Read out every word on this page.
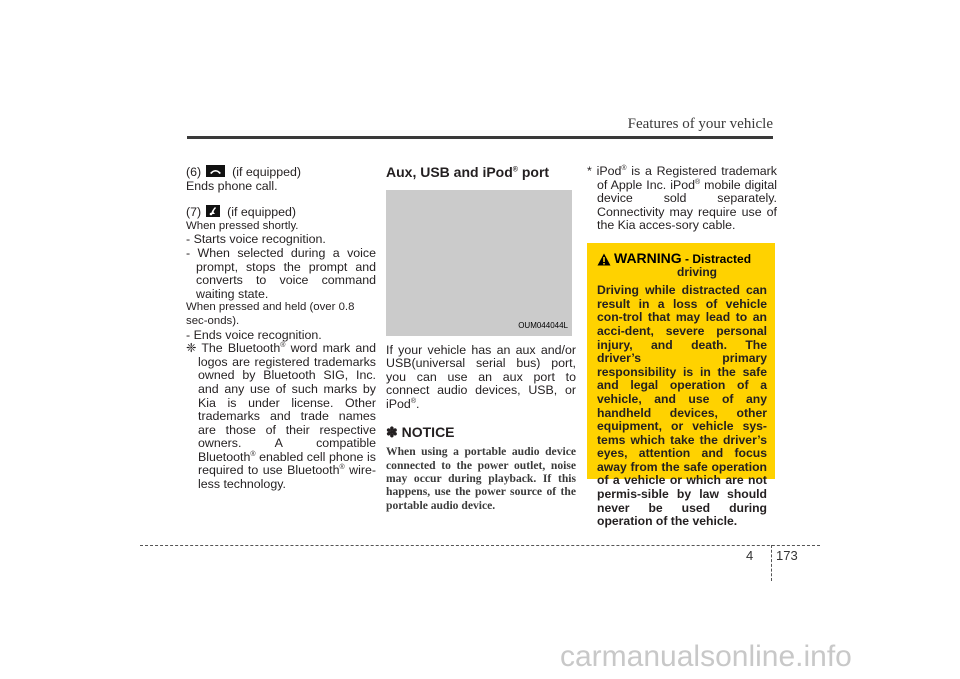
Features of your vehicle

(6)	(if equipped)

Ends phone call.

(7) (if equipped)

When pressed shortly.

- Starts voice recognition.

- When selected during a voice prompt, stops the prompt and converts to voice command waiting state.

When pressed and held (over 0.8 sec-onds).

- Ends voice recognition.

❈ The Bluetooth® word mark and logos are registered trademarks owned by Bluetooth SIG, Inc. and any use of such marks by Kia is under license. Other trademarks and trade names are those of their respective owners. A compatible Bluetooth® enabled cell phone is required to use Bluetooth® wire-less technology.

Aux, USB and iPod® port

OUM044044L

If your vehicle has an aux and/or USB(universal serial bus) port, you can use an aux port to connect audio devices, USB, or iPod®.

✽ NOTICE

When using a portable audio device connected to the power outlet, noise may occur during playback. If this happens, use the power source of the portable audio device.

* iPod® is a Registered trademark of Apple Inc. iPod® mobile digital device sold separately. Connectivity may require use of the Kia acces-sory cable.

WARNING - Distracted
driving
Driving while distracted can result in a loss of vehicle con-trol that may lead to an acci-dent, severe personal injury, and death. The driver’s primary responsibility is in the safe and legal operation of a vehicle, and use of any handheld devices, other equipment, or vehicle sys-tems which take the driver’s eyes, attention and focus away from the safe operation of a vehicle or which are not permis-sible by law should never be used during operation of the vehicle.
4 173
carmanualsonline.info
